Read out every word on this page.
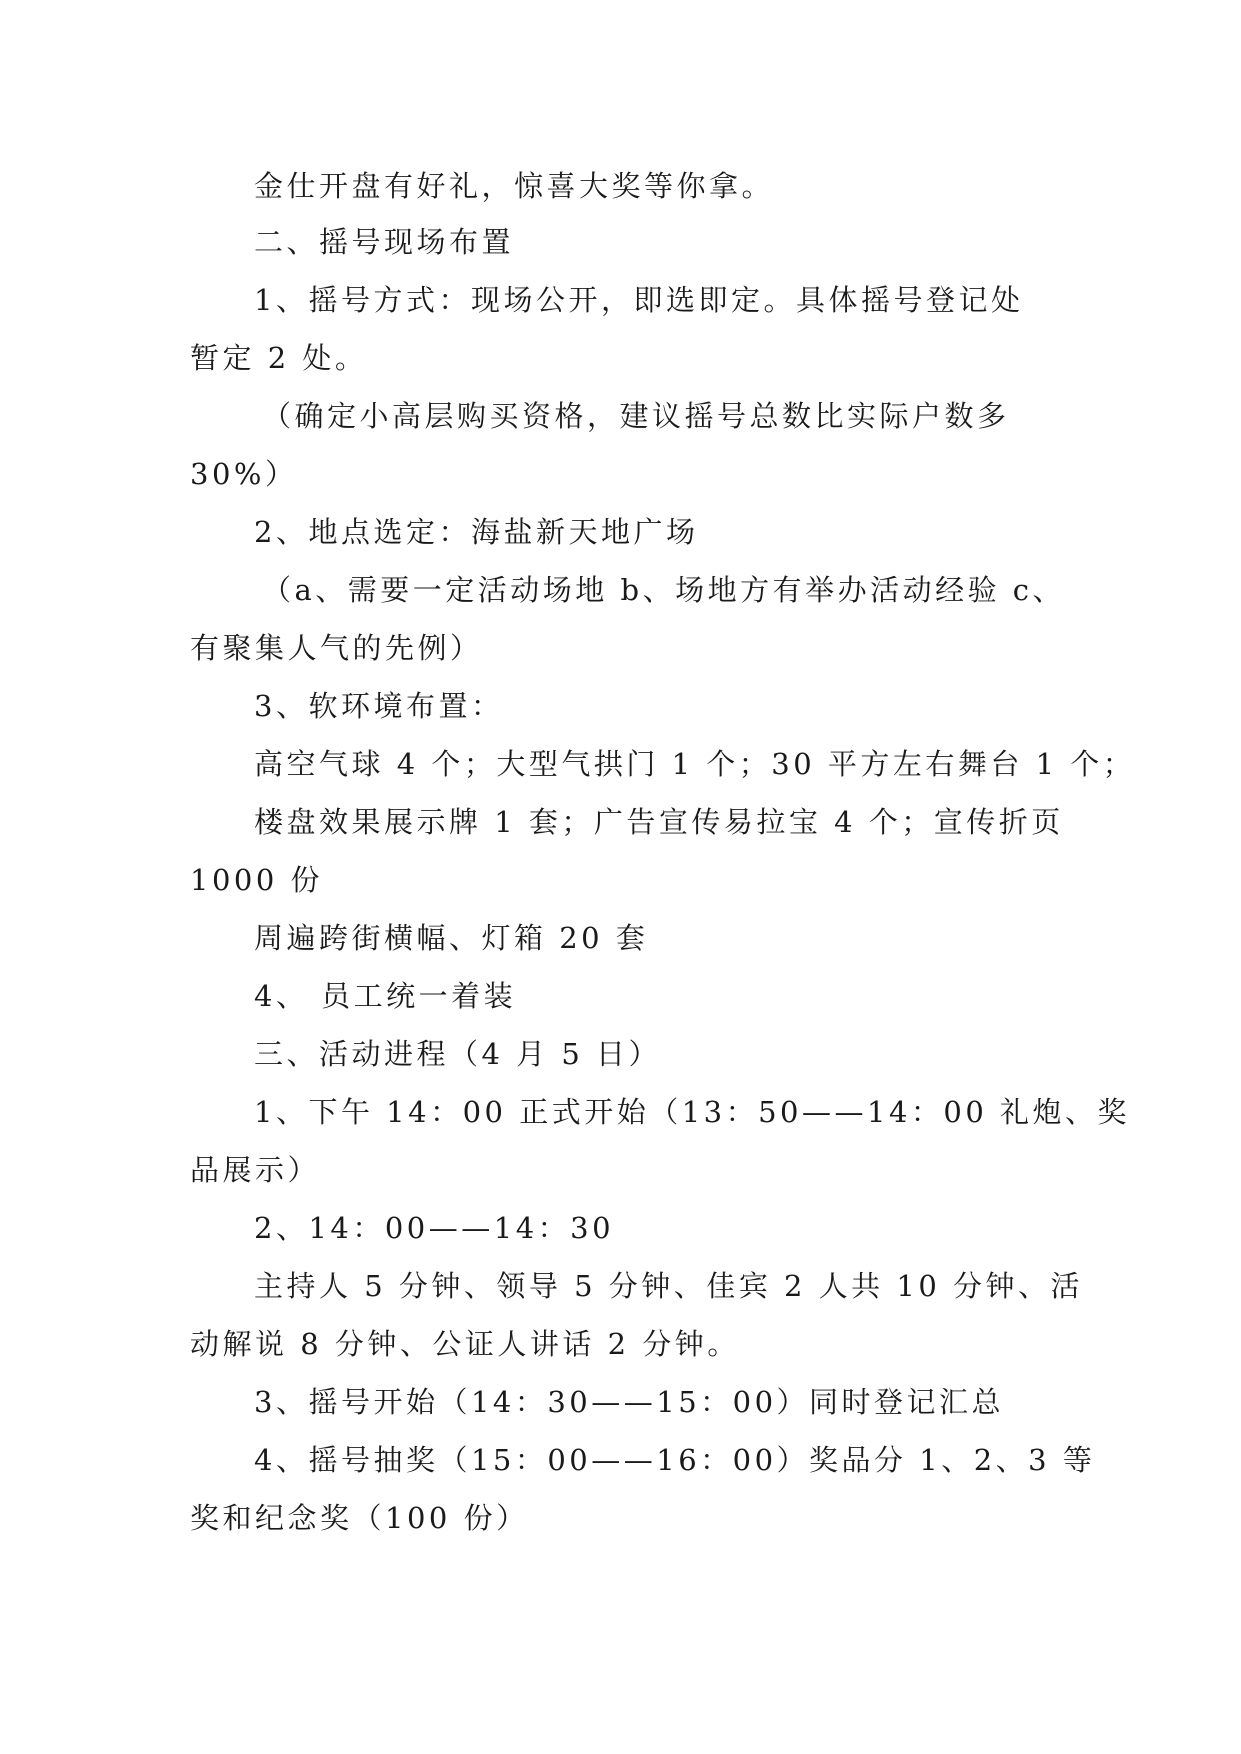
金仕开盘有好礼，惊喜大奖等你拿。
二、摇号现场布置
1、摇号方式：现场公开，即选即定。具体摇号登记处
暂定 2 处。
（确定小高层购买资格，建议摇号总数比实际户数多
30%）
2、地点选定：海盐新天地广场
（a、需要一定活动场地 b、场地方有举办活动经验 c、
有聚集人气的先例）
3、软环境布置：
高空气球 4 个；大型气拱门 1 个；30 平方左右舞台 1 个；
楼盘效果展示牌 1 套；广告宣传易拉宝 4 个；宣传折页
1000 份
周遍跨街横幅、灯箱 20 套
4、 员工统一着装
三、活动进程（4 月 5 日）
1、下午 14：00 正式开始（13：50——14：00 礼炮、奖
品展示）
2、14：00——14：30
主持人 5 分钟、领导 5 分钟、佳宾 2 人共 10 分钟、活
动解说 8 分钟、公证人讲话 2 分钟。
3、摇号开始（14：30——15：00）同时登记汇总
4、摇号抽奖（15：00——16：00）奖品分 1、2、3 等
奖和纪念奖（100 份）
